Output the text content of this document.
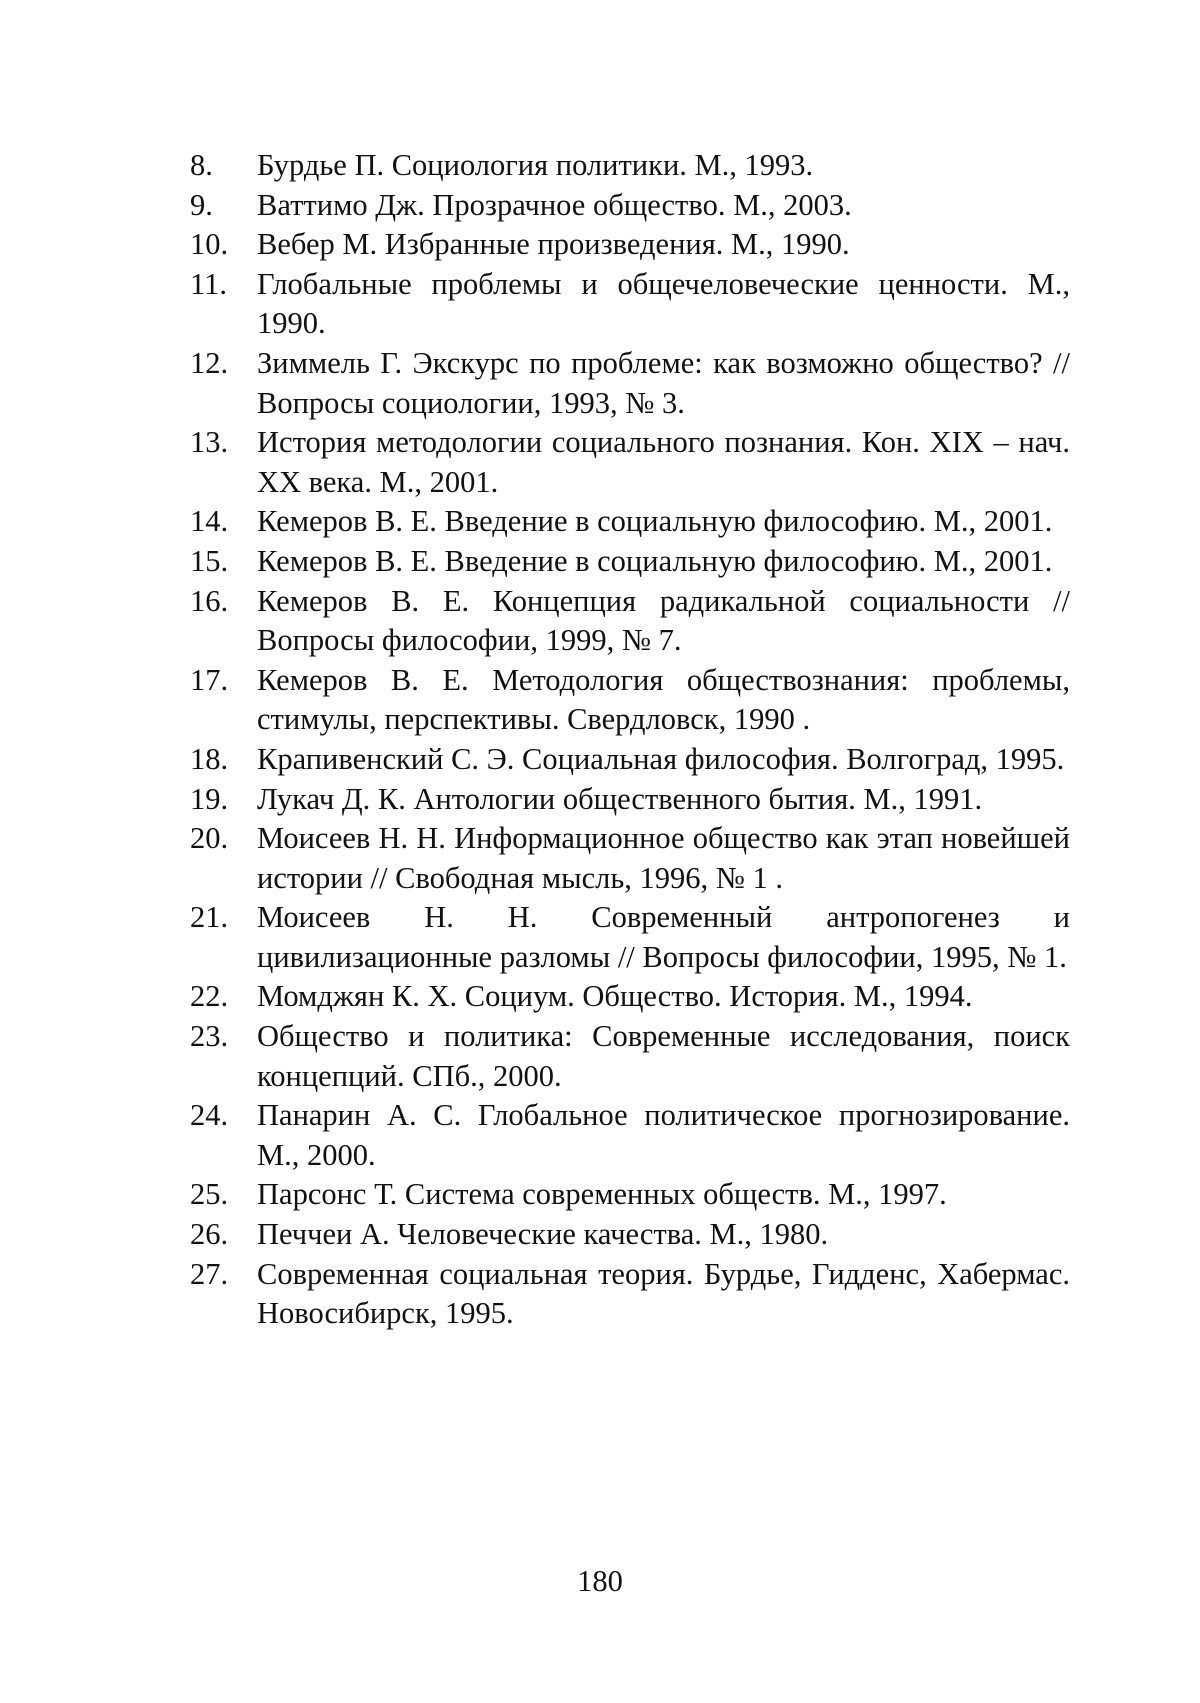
8.	Бурдье П. Социология политики. М., 1993.
9.	Ваттимо Дж. Прозрачное общество. М., 2003.
10. Вебер М. Избранные произведения. М., 1990.
11. Глобальные проблемы и общечеловеческие ценности. М., 1990.
12. Зиммель Г. Экскурс по проблеме: как возможно общество? // Вопросы социологии, 1993, № 3.
13. История методологии социального познания. Кон. XIX – нач. XX века. М., 2001.
14. Кемеров В. Е. Введение в социальную философию. М., 2001.
15. Кемеров В. Е. Введение в социальную философию. М., 2001.
16. Кемеров В. Е. Концепция радикальной социальности // Вопросы философии, 1999, № 7.
17. Кемеров В. Е. Методология обществознания: проблемы, стимулы, перспективы. Свердловск, 1990 .
18. Крапивенский С. Э. Социальная философия. Волгоград, 1995.
19. Лукач Д. К. Антологии общественного бытия. М., 1991.
20. Моисеев Н. Н. Информационное общество как этап новейшей истории // Свободная мысль, 1996, № 1 .
21. Моисеев Н. Н. Современный антропогенез и цивилизационные разломы // Вопросы философии, 1995, № 1.
22. Момджян К. Х. Социум. Общество. История. М., 1994.
23. Общество и политика: Современные исследования, поиск концепций. СПб., 2000.
24. Панарин А. С. Глобальное политическое прогнозирование. М., 2000.
25. Парсонс Т. Система современных обществ. М., 1997.
26. Печчеи А. Человеческие качества. М., 1980.
27. Современная социальная теория. Бурдье, Гидденс, Хабермас. Новосибирск, 1995.
180
